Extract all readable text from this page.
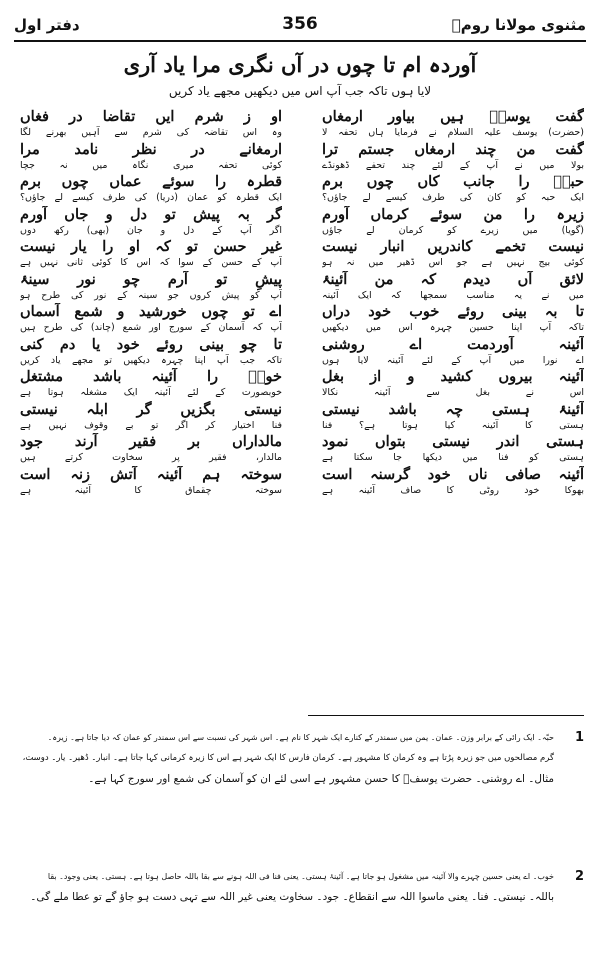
دفتر اول	356	مثنوی مولانا رومؒ
آوردہ ام تا چوں در آں نگری مرا یاد آری
لایا ہوں تاکہ جب آپ اس میں دیکھیں مجھے یاد کریں
گفت یوسفؑ ہیں بیاور ارمغاں
(حضرت) یوسف علیہ السلام نے فرمایا ہاں تحفہ لا
گفت من چند ارمغاں جستم ترا
بولا میں نے آپ کے لئے چند تحفے ڈھونڈے
حبہؑ را جانب کاں چوں برم
ایک حبہ کو کان کی طرف کیسے لے جاؤں؟
زیرہ را من سوئے کرماں آورم
(گویا) میں زیرے کو کرمان لے جاؤں
نیست تخمے کاندریں انبار نیست
کوئی بیج نہیں ہے جو اس ڈھیر میں نہ ہو
لائق آں دیدم کہ من آئینۂ
میں نے یہ مناسب سمجھا کہ ایک آئینہ
تا بہ بینی روئے خوب خود دراں
تاکہ آپ اپنا حسین چہرہ اس میں دیکھیں
آئینہ آوردمت اے روشنی
اے نورا میں آپ کے لئے آئینہ لایا ہوں
آئینہ بیروں کشید و از بغل
اس نے بغل سے آئینہ نکالا
آئینۂ ہستی چہ باشد نیستی
ہستی کا آئینہ کیا ہوتا ہے؟ فنا
ہستی اندر نیستی بتواں نمود
ہستی کو فنا میں دیکھا جا سکتا ہے
آئینہ صافی ناں خود گرسنہ است
بھوکا خود روٹی کا صاف آئینہ ہے
او ز شرم ایں تقاضا در فغاں
وہ اس تقاضہ کی شرم سے آہیں بھرنے لگا
ارمغانے در نظر نامد مرا
کوئی تحفہ میری نگاہ میں نہ جچا
قطرہ را سوئے عماں چوں برم
ایک قطرہ کو عمان (دریا) کی طرف کیسے لے جاؤں؟
گر بہ پیش تو دل و جاں آورم
اگر آپ کے دل و جان (بھی) رکھ دوں
غیر حسن تو کہ او را یار نیست
آپ کے حسن کے سوا کہ اس کا کوئی ثانی نہیں ہے
پیشِ تو آرم چو نور سینۂ
آپ کو پیش کروں جو سینہ کے نور کی طرح ہو
اے تو چوں خورشید و شمع آسماں
آپ کہ آسمان کے سورج اور شمع (چاند) کی طرح ہیں
تا چو بینی روئے خود یا دم کنی
تاکہ جب آپ اپنا چہرہ دیکھیں تو مجھے یاد کریں
خوبؑ را آئینہ باشد مشتغل
خوبصورت کے لئے آئینہ ایک مشغلہ ہوتا ہے
نیستی بگزیں گر ابلہ نیستی
فنا اختیار کر اگر تو بے وقوف نہیں ہے
مالداراں بر فقیر آرند جود
مالدار، فقیر پر سخاوت کرتے ہیں
سوختہ ہم آئینہ آتش زنہ است
سوختہ چقماق کا آئینہ ہے
1
حبّہ۔ ایک رائی کے برابر وزن۔ عمان۔ یمن میں سمندر کے کنارے ایک شہر کا نام ہے۔ اس شہر کی نسبت سے اس سمندر کو عمان کہ دیا جاتا ہے۔ زیرہ۔
گرم مصالحوں میں جو زیرہ پڑتا ہے وہ کرمان کا مشہور ہے۔ کرمان فارس کا ایک شہر ہے اس کا زیرہ کرمانی کہا جاتا ہے۔ انبار۔ ڈھیر۔ یار۔ دوست،
مثال۔ اے روشنی۔ حضرت یوسفؑ کا حسن مشہور ہے اسی لئے ان کو آسمان کی شمع اور سورج کہا ہے۔
2
خوب۔ اے یعنی حسین چہرے والا آئینہ میں مشغول ہو جاتا ہے۔ آئینۂ ہستی۔ یعنی فنا فی اللہ ہونے سے بقا باللہ حاصل ہوتا ہے۔ ہستی۔ یعنی وجود۔ بقا
باللہ۔ نیستی۔ فنا۔ یعنی ماسوا اللہ سے انقطاع۔ جود۔ سخاوت یعنی غیر اللہ سے تہی دست ہو جاؤ گے تو عطا ملے گی۔
